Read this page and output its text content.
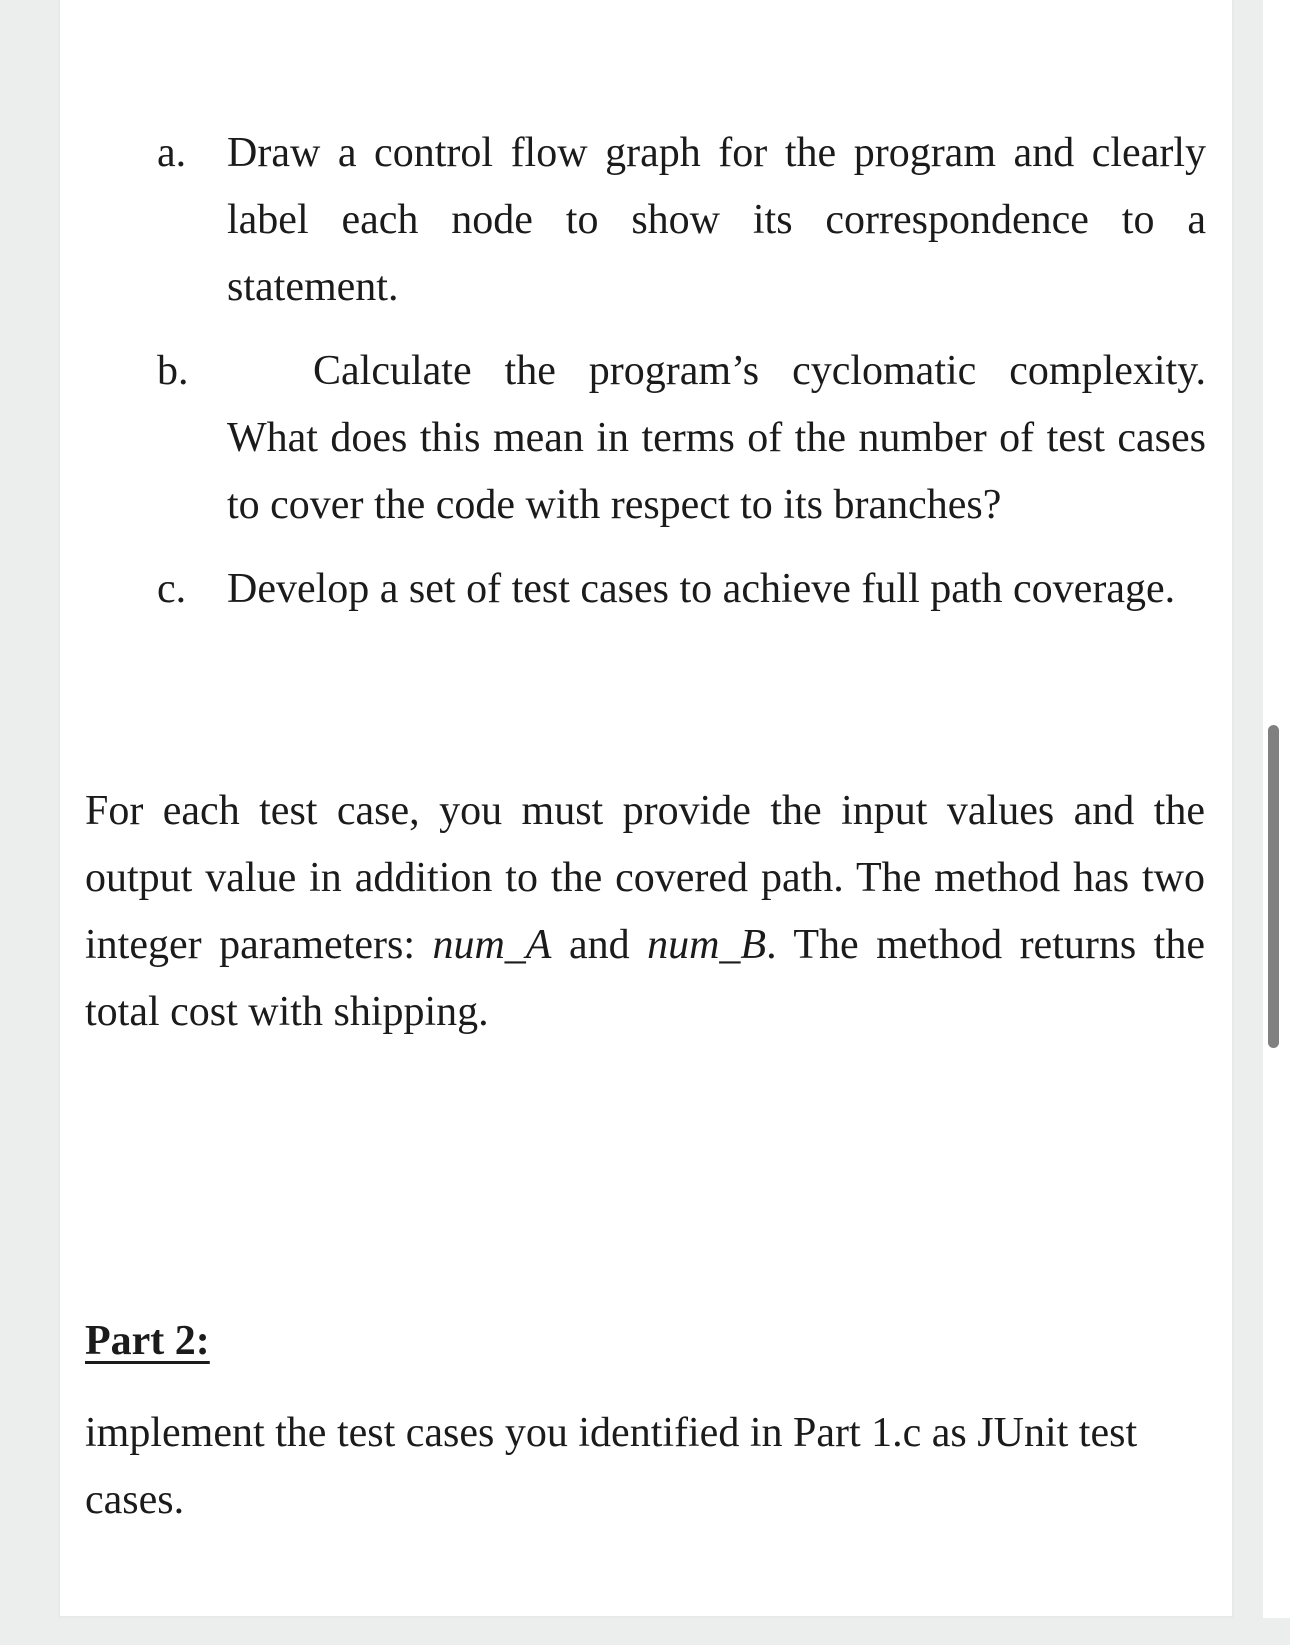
a. Draw a control flow graph for the program and clearly label each node to show its correspondence to a statement.
b.	Calculate the program’s cyclomatic complexity. What does this mean in terms of the number of test cases to cover the code with respect to its branches?
c. Develop a set of test cases to achieve full path coverage.

For each test case, you must provide the input values and the output value in addition to the covered path. The method has two integer parameters: num_A and num_B. The method returns the total cost with shipping.

Part 2:

implement the test cases you identified in Part 1.c as JUnit test cases.
